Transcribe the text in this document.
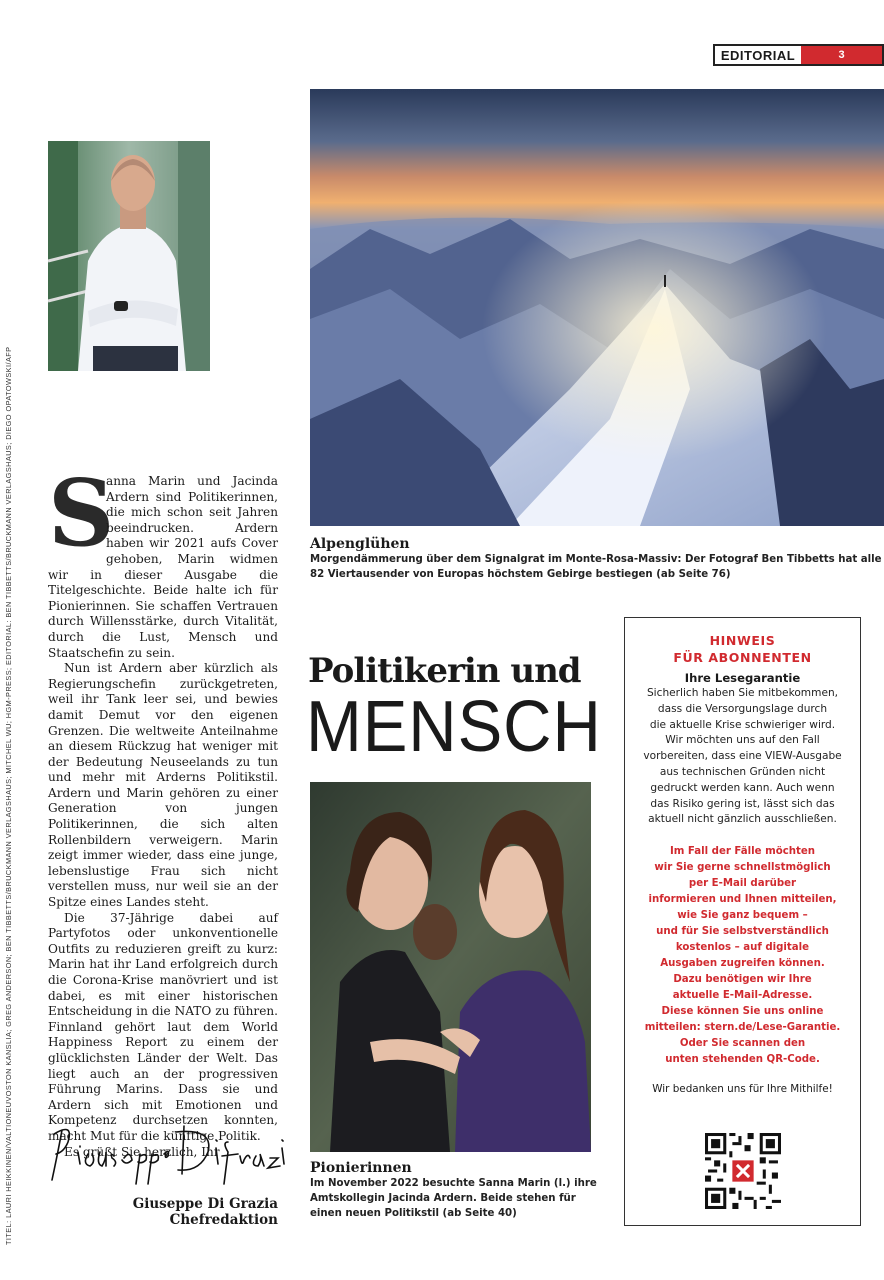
EDITORIAL	3
TITEL: LAURI HEIKKINEN/VALTIONEUVOSTON KANSLIA; GREG ANDERSON; BEN TIBBETTS/BRUCKMANN VERLAGSHAUS; MITCHEL WU; HGM-PRESS; EDITORIAL: BEN TIBBETTS/BRUCKMANN VERLAGSHAUS; DIEGO OPATOWSKI/AFP S
anna Marin und Jacinda Ardern sind Politikerinnen, die mich schon seit Jahren beeindrucken. Ardern haben wir 2021 aufs Cover gehoben, Marin widmen wir in dieser Ausgabe die Titelgeschichte. Beide halte ich für Pionierinnen. Sie schaffen Vertrauen durch Willensstärke, durch Vitalität, durch die Lust, Mensch und Staatschefin zu sein.

Nun ist Ardern aber kürzlich als Regierungschefin zurückgetreten, weil ihr Tank leer sei, und bewies damit Demut vor den eigenen Grenzen. Die weltweite Anteilnahme an diesem Rückzug hat weniger mit der Bedeutung Neuseelands zu tun und mehr mit Arderns Politikstil. Ardern und Marin gehören zu einer Generation von jungen Politikerinnen, die sich alten Rollenbildern verweigern. Marin zeigt immer wieder, dass eine junge, lebenslustige Frau sich nicht verstellen muss, nur weil sie an der Spitze eines Landes steht.

Die 37-Jährige dabei auf Partyfotos oder unkonventionelle Outfits zu reduzieren greift zu kurz: Marin hat ihr Land erfolgreich durch die Corona-Krise manövriert und ist dabei, es mit einer historischen Entscheidung in die NATO zu führen. Finnland gehört laut dem World Happiness Report zu einem der glücklichsten Länder der Welt. Das liegt auch an der progressiven Führung Marins. Dass sie und Ardern sich mit Emotionen und Kompetenz durchsetzen konnten, macht Mut für die künftige Politik.

Es grüßt Sie herzlich, Ihr

Giuseppe Di Grazia
Chefredaktion
Alpenglühen
Morgendämmerung über dem Signalgrat im Monte-Rosa-Massiv: Der Fotograf Ben Tibbetts hat alle 82 Viertausender von Europas höchstem Gebirge bestiegen (ab Seite 76)
Politikerin und
MENSCH
Pionierinnen
Im November 2022 besuchte Sanna Marin (l.) ihre Amtskollegin Jacinda Ardern. Beide stehen für einen neuen Politikstil (ab Seite 40)
HINWEIS
FÜR ABONNENTEN
Ihre Lesegarantie
Sicherlich haben Sie mitbekommen,
dass die Versorgungslage durch
die aktuelle Krise schwieriger wird.
Wir möchten uns auf den Fall
vorbereiten, dass eine VIEW-Ausgabe
aus technischen Gründen nicht
gedruckt werden kann. Auch wenn
das Risiko gering ist, lässt sich das
aktuell nicht gänzlich ausschließen.
Im Fall der Fälle möchten
wir Sie gerne schnellstmöglich
per E-Mail darüber
informieren und Ihnen mitteilen,
wie Sie ganz bequem –
und für Sie selbstverständlich
kostenlos – auf digitale
Ausgaben zugreifen können.
Dazu benötigen wir Ihre
aktuelle E-Mail-Adresse.
Diese können Sie uns online
mitteilen: stern.de/Lese-Garantie.
Oder Sie scannen den
unten stehenden QR-Code.
Wir bedanken uns für Ihre Mithilfe!
